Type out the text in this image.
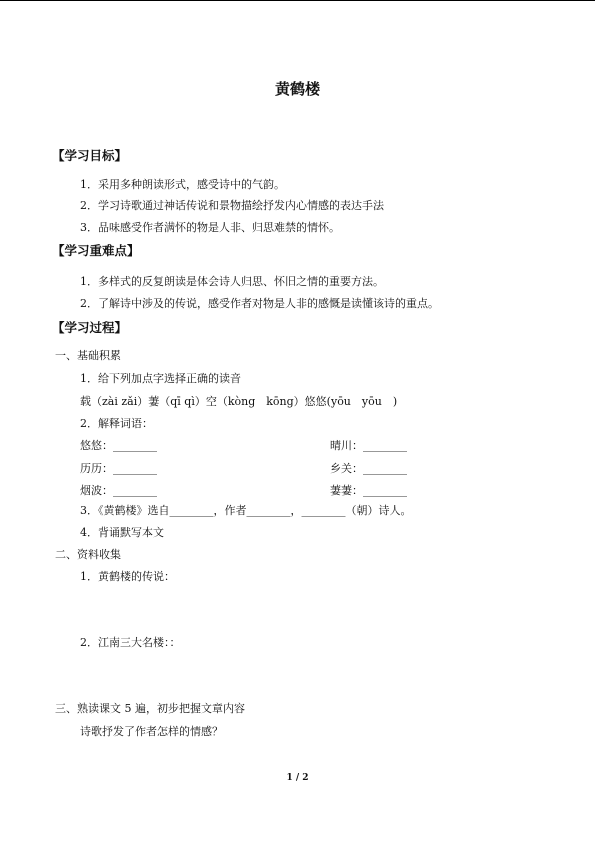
黄鹤楼
【学习目标】
1．采用多种朗读形式，感受诗中的气韵。
2．学习诗歌通过神话传说和景物描绘抒发内心情感的表达手法
3．品味感受作者满怀的物是人非、归思难禁的情怀。
【学习重难点】
1．多样式的反复朗读是体会诗人归思、怀旧之情的重要方法。
2．了解诗中涉及的传说，感受作者对物是人非的感慨是读懂该诗的重点。
【学习过程】
一、基础积累
1．给下列加点字选择正确的读音
载（zài zǎi）萋（qī qì）空（kòng　kōng）悠悠(yōu　yōu　)
2．解释词语：
悠悠：________
历历：________
烟波：________
晴川：________
乡关：________
萋萋：________
3．《黄鹤楼》选自________，作者________，________（朝）诗人。
4．背诵默写本文
二、资料收集
1．黄鹤楼的传说：
2．江南三大名楼：：
三、熟读课文 5 遍，初步把握文章内容
诗歌抒发了作者怎样的情感？
1 / 2
